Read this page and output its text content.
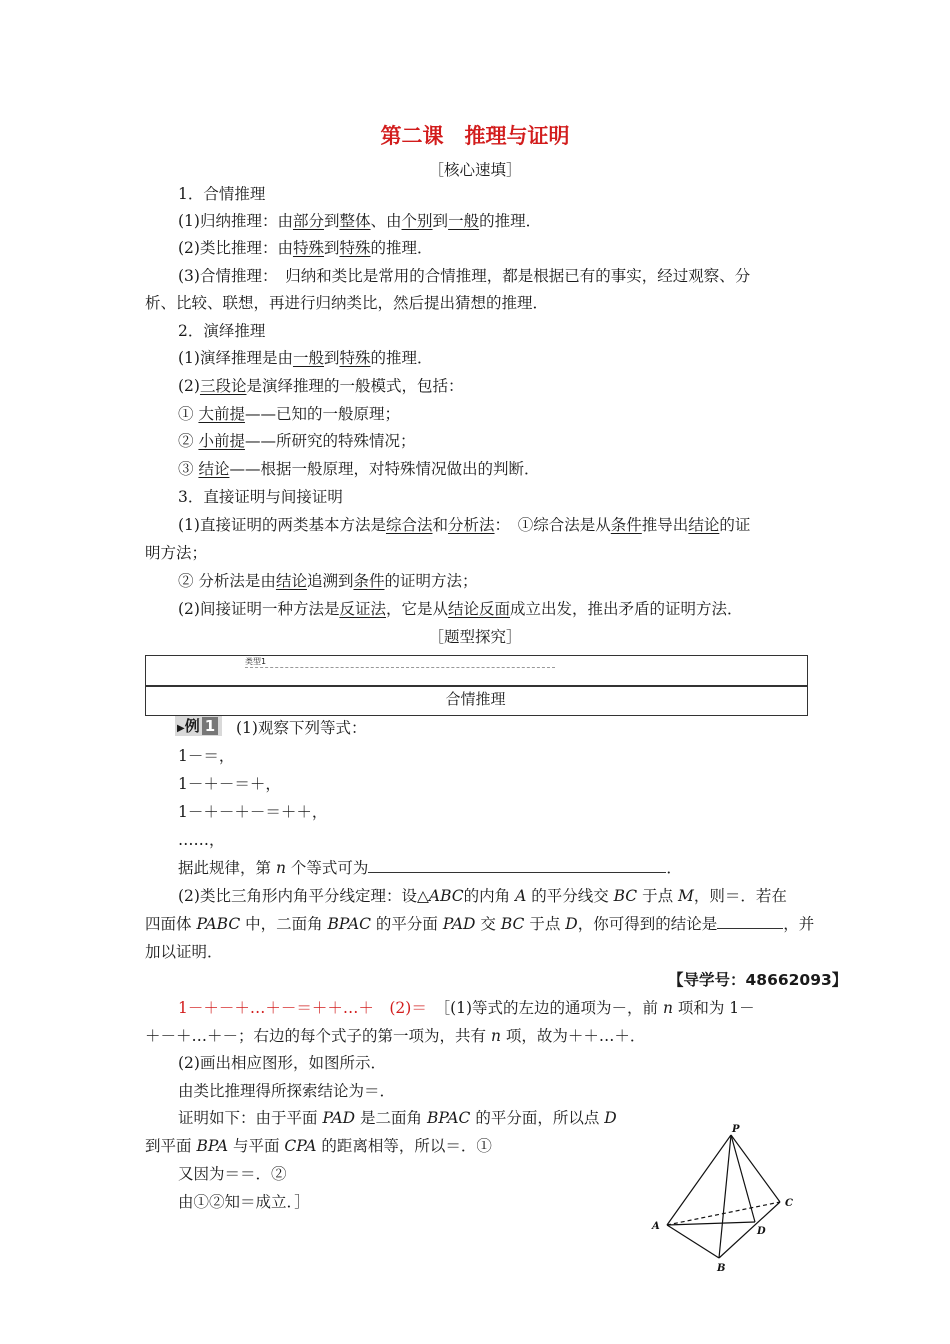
第二课　推理与证明
［核心速填］
1．合情推理
(1)归纳推理：由部分到整体、由个别到一般的推理．
(2)类比推理：由特殊到特殊的推理．
(3)合情推理：　归纳和类比是常用的合情推理，都是根据已有的事实，经过观察、分
析、比较、联想，再进行归纳类比，然后提出猜想的推理．
2．演绎推理
(1)演绎推理是由一般到特殊的推理．
(2)三段论是演绎推理的一般模式，包括：
① 大前提——已知的一般原理；
② 小前提——所研究的特殊情况；
③ 结论——根据一般原理，对特殊情况做出的判断．
3．直接证明与间接证明
(1)直接证明的两类基本方法是综合法和分析法：　①综合法是从条件推导出结论的证
明方法；
② 分析法是由结论追溯到条件的证明方法；
(2)间接证明一种方法是反证法，它是从结论反面成立出发，推出矛盾的证明方法．
［题型探究］
类型1
合情推理
▶例 1	(1)观察下列等式：
1－＝，
1－＋－＝＋，
1－＋－＋－＝＋＋，
……，
据此规律，第 n 个等式可为	．
(2)类比三角形内角平分线定理：设△ABC的内角 A 的平分线交 BC 于点 M，则＝．若在
四面体 PABC 中，二面角 BPAC 的平分面 PAD 交 BC 于点 D，你可得到的结论是	，并
加以证明．
【导学号：48662093】
1－＋－＋…＋－＝＋＋…＋　(2)＝　［(1)等式的左边的通项为－，前 n 项和为 1－
＋－＋…＋－；右边的每个式子的第一项为，共有 n 项，故为＋＋…＋．
(2)画出相应图形，如图所示．
由类比推理得所探索结论为＝．
证明如下：由于平面 PAD 是二面角 BPAC 的平分面，所以点 D
到平面 BPA 与平面 CPA 的距离相等，所以＝．①
又因为＝＝．②
由①②知＝成立．］
P
A
B
C
D
